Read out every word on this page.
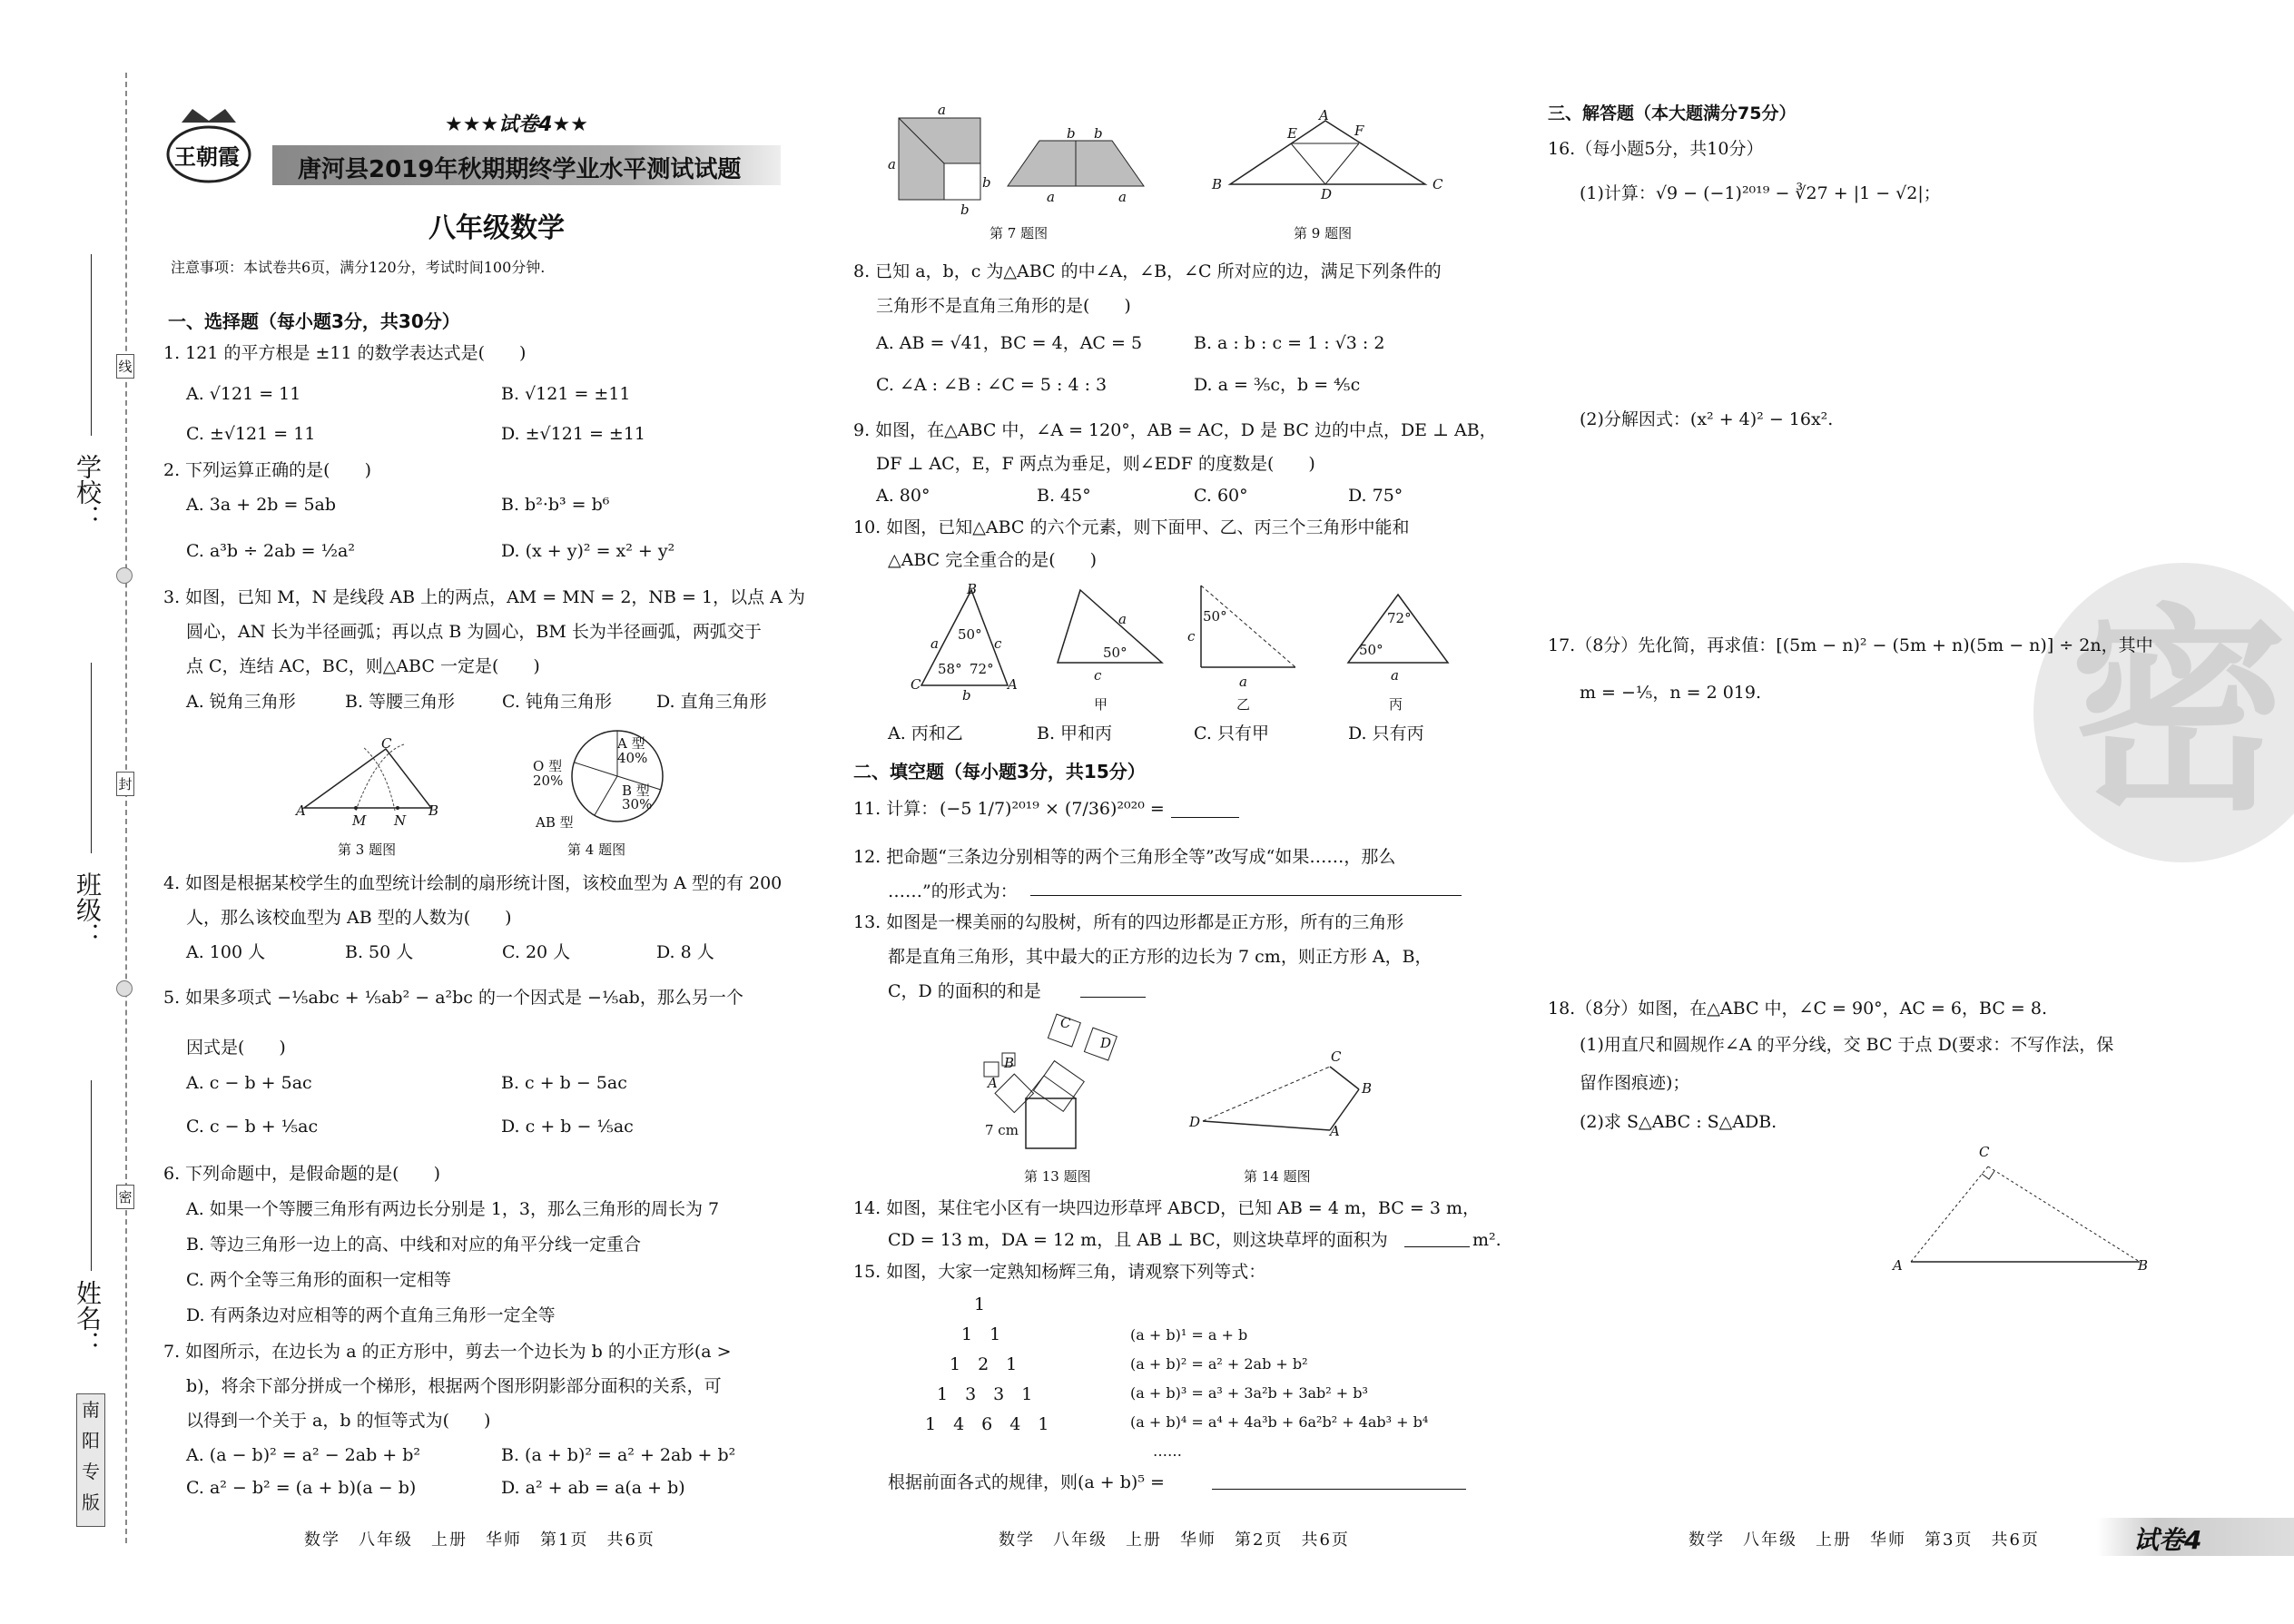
学校：
班级：
姓名：
线
封
密
南
阳
专
版
王朝霞
★★★试卷4★★
唐河县2019年秋期期终学业水平测试试题
八年级数学
注意事项：本试卷共6页，满分120分，考试时间100分钟.
一、选择题（每小题3分，共30分）
1. 121 的平方根是 ±11 的数学表达式是(　　)
A. √121 = 11	B. √121 = ±11
C. ±√121 = 11	D. ±√121 = ±11
2. 下列运算正确的是(　　)
A. 3a + 2b = 5ab	B. b²·b³ = b⁶
C. a³b ÷ 2ab = ½a²	D. (x + y)² = x² + y²
3. 如图，已知 M，N 是线段 AB 上的两点，AM = MN = 2，NB = 1，以点 A 为
圆心，AN 长为半径画弧；再以点 B 为圆心，BM 长为半径画弧，两弧交于
点 C，连结 AC，BC，则△ABC 一定是(　　)
A. 锐角三角形	B. 等腰三角形	C. 钝角三角形	D. 直角三角形
A	B
C
M N
第 3 题图
A 型
40%
O 型
20%
B 型
30%
AB 型
第 4 题图
4. 如图是根据某校学生的血型统计绘制的扇形统计图，该校血型为 A 型的有 200
人，那么该校血型为 AB 型的人数为(　　)
A. 100 人	B. 50 人	C. 20 人	D. 8 人
5. 如果多项式 −⅕abc + ⅕ab² − a²bc 的一个因式是 −⅕ab，那么另一个
因式是(　　)
A. c − b + 5ac	B. c + b − 5ac
C. c − b + ⅕ac	D. c + b − ⅕ac
6. 下列命题中，是假命题的是(　　)
A. 如果一个等腰三角形有两边长分别是 1，3，那么三角形的周长为 7
B. 等边三角形一边上的高、中线和对应的角平分线一定重合
C. 两个全等三角形的面积一定相等
D. 有两条边对应相等的两个直角三角形一定全等
7. 如图所示，在边长为 a 的正方形中，剪去一个边长为 b 的小正方形(a >
b)，将余下部分拼成一个梯形，根据两个图形阴影部分面积的关系，可
以得到一个关于 a，b 的恒等式为(　　)
A. (a − b)² = a² − 2ab + b²	B. (a + b)² = a² + 2ab + b²
C. a² − b² = (a + b)(a − b)	D. a² + ab = a(a + b)
数学　八年级　上册　华师　第1页　共6页
a
a
b
b
b b
a	a
第 7 题图
A
B	C
D
E	F
第 9 题图
8. 已知 a，b，c 为△ABC 的中∠A，∠B，∠C 所对应的边，满足下列条件的
三角形不是直角三角形的是(　　)
A. AB = √41，BC = 4，AC = 5	B. a : b : c = 1 : √3 : 2
C. ∠A : ∠B : ∠C = 5 : 4 : 3	D. a = ⅗c，b = ⅘c
9. 如图，在△ABC 中，∠A = 120°，AB = AC，D 是 BC 边的中点，DE ⊥ AB，
DF ⊥ AC，E，F 两点为垂足，则∠EDF 的度数是(　　)
A. 80°	B. 45°	C. 60°	D. 75°
10. 如图，已知△ABC 的六个元素，则下面甲、乙、丙三个三角形中能和
△ABC 完全重合的是(　　)
B
C	A
a	c
b
50°
58° 72°
a
50°
c
甲
50°
c
a
乙
72°
50°
a
丙
A. 丙和乙	B. 甲和丙	C. 只有甲	D. 只有丙
二、填空题（每小题3分，共15分）
11. 计算： (−5 1/7)²⁰¹⁹ × (7/36)²⁰²⁰ =
12. 把命题“三条边分别相等的两个三角形全等”改写成“如果……，那么
……”的形式为：
13. 如图是一棵美丽的勾股树，所有的四边形都是正方形，所有的三角形
都是直角三角形，其中最大的正方形的边长为 7 cm，则正方形 A，B，
C，D 的面积的和是
A
B
C
D
7 cm
第 13 题图
D
A
B
C
第 14 题图
14. 如图，某住宅小区有一块四边形草坪 ABCD，已知 AB = 4 m，BC = 3 m，
CD = 13 m，DA = 12 m，且 AB ⊥ BC，则这块草坪的面积为	m².
15. 如图，大家一定熟知杨辉三角，请观察下列等式：
1
1　1
1　2　1
1　3　3　1
1　4　6　4　1
(a + b)¹ = a + b
(a + b)² = a² + 2ab + b²
(a + b)³ = a³ + 3a²b + 3ab² + b³
(a + b)⁴ = a⁴ + 4a³b + 6a²b² + 4ab³ + b⁴
……
根据前面各式的规律，则(a + b)⁵ =
数学　八年级　上册　华师　第2页　共6页
密
三、解答题（本大题满分75分）
16.（每小题5分，共10分）
(1)计算：√9 − (−1)²⁰¹⁹ − ∛27 + |1 − √2|；
(2)分解因式：(x² + 4)² − 16x².
17.（8分）先化简，再求值：[(5m − n)² − (5m + n)(5m − n)] ÷ 2n，其中
m = −⅕，n = 2 019.
18.（8分）如图，在△ABC 中，∠C = 90°，AC = 6，BC = 8.
(1)用直尺和圆规作∠A 的平分线，交 BC 于点 D(要求：不写作法，保
留作图痕迹)；
(2)求 S△ABC : S△ADB.
C
A	B
数学　八年级　上册　华师　第3页　共6页	试卷4
